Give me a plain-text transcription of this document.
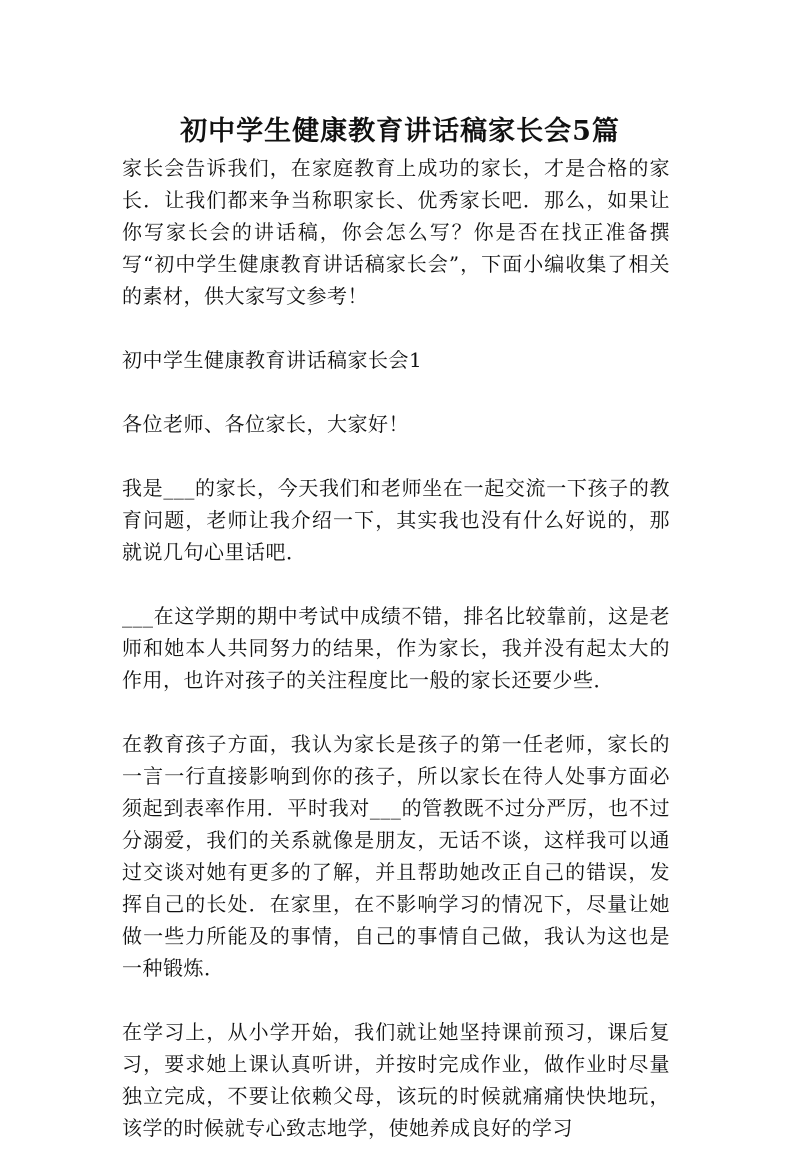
初中学生健康教育讲话稿家长会5篇

家长会告诉我们，在家庭教育上成功的家长，才是合格的家长．让我们都来争当称职家长、优秀家长吧．那么，如果让你写家长会的讲话稿，你会怎么写？你是否在找正准备撰写“初中学生健康教育讲话稿家长会”，下面小编收集了相关的素材，供大家写文参考！

初中学生健康教育讲话稿家长会1

各位老师、各位家长，大家好！

我是___的家长，今天我们和老师坐在一起交流一下孩子的教育问题，老师让我介绍一下，其实我也没有什么好说的，那就说几句心里话吧．

___在这学期的期中考试中成绩不错，排名比较靠前，这是老师和她本人共同努力的结果，作为家长，我并没有起太大的作用，也许对孩子的关注程度比一般的家长还要少些．

在教育孩子方面，我认为家长是孩子的第一任老师，家长的一言一行直接影响到你的孩子，所以家长在待人处事方面必须起到表率作用．平时我对___的管教既不过分严厉，也不过分溺爱，我们的关系就像是朋友，无话不谈，这样我可以通过交谈对她有更多的了解，并且帮助她改正自己的错误，发挥自己的长处．在家里，在不影响学习的情况下，尽量让她做一些力所能及的事情，自己的事情自己做，我认为这也是一种锻炼．

在学习上，从小学开始，我们就让她坚持课前预习，课后复习，要求她上课认真听讲，并按时完成作业，做作业时尽量独立完成，不要让依赖父母，该玩的时候就痛痛快快地玩，该学的时候就专心致志地学，使她养成良好的学习
